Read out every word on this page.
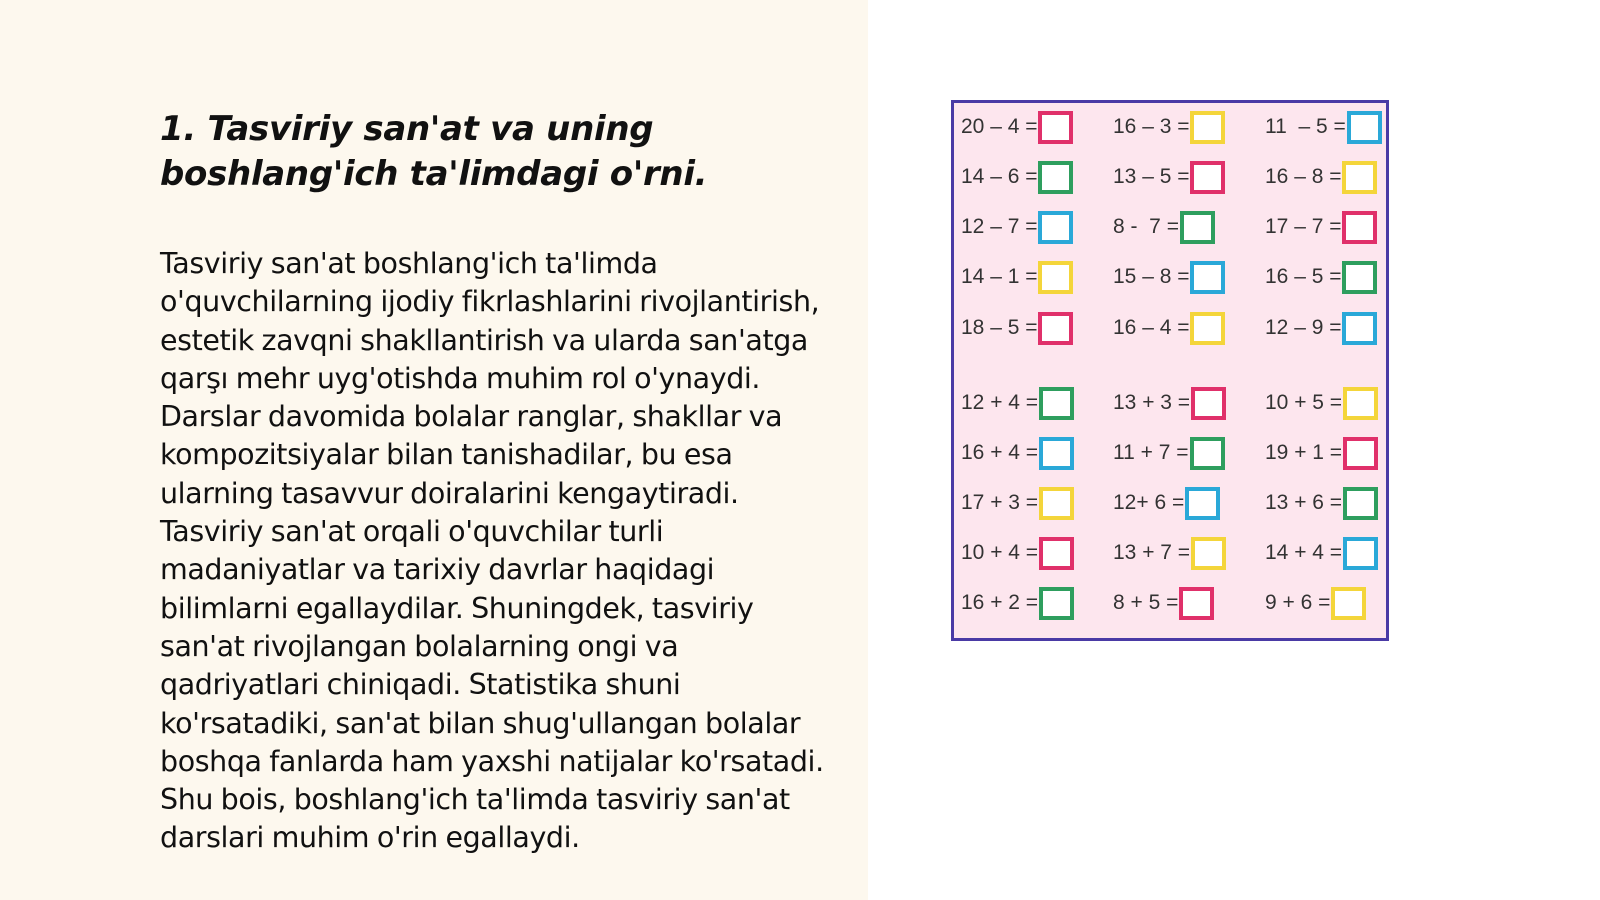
1. Tasviriy san'at va uning boshlang'ich ta'limdagi o'rni.

Tasviriy san'at boshlang'ich ta'limda o'quvchilarning ijodiy fikrlashlarini rivojlantirish, estetik zavqni shakllantirish va ularda san'atga qarşı mehr uyg'otishda muhim rol o'ynaydi. Darslar davomida bolalar ranglar, shakllar va kompozitsiyalar bilan tanishadilar, bu esa ularning tasavvur doiralarini kengaytiradi. Tasviriy san'at orqali o'quvchilar turli madaniyatlar va tarixiy davrlar haqidagi bilimlarni egallaydilar. Shuningdek, tasviriy san'at rivojlangan bolalarning ongi va qadriyatlari chiniqadi. Statistika shuni ko'rsatadiki, san'at bilan shug'ullangan bolalar boshqa fanlarda ham yaxshi natijalar ko'rsatadi. Shu bois, boshlang'ich ta'limda tasviriy san'at darslari muhim o'rin egallaydi.

20 – 4 =	16 – 3 =	11  – 5 =
14 – 6 =	13 – 5 =	16 – 8 =
12 – 7 =	8 -  7 =	17 – 7 =
14 – 1 =	15 – 8 =	16 – 5 =
18 – 5 =	16 – 4 =	12 – 9 =
12 + 4 =	13 + 3 =	10 + 5 =
16 + 4 =	11 + 7 =	19 + 1 =
17 + 3 =	12+ 6 =	13 + 6 =
10 + 4 =	13 + 7 =	14 + 4 =
16 + 2 =	8 + 5 =	9 + 6 =
